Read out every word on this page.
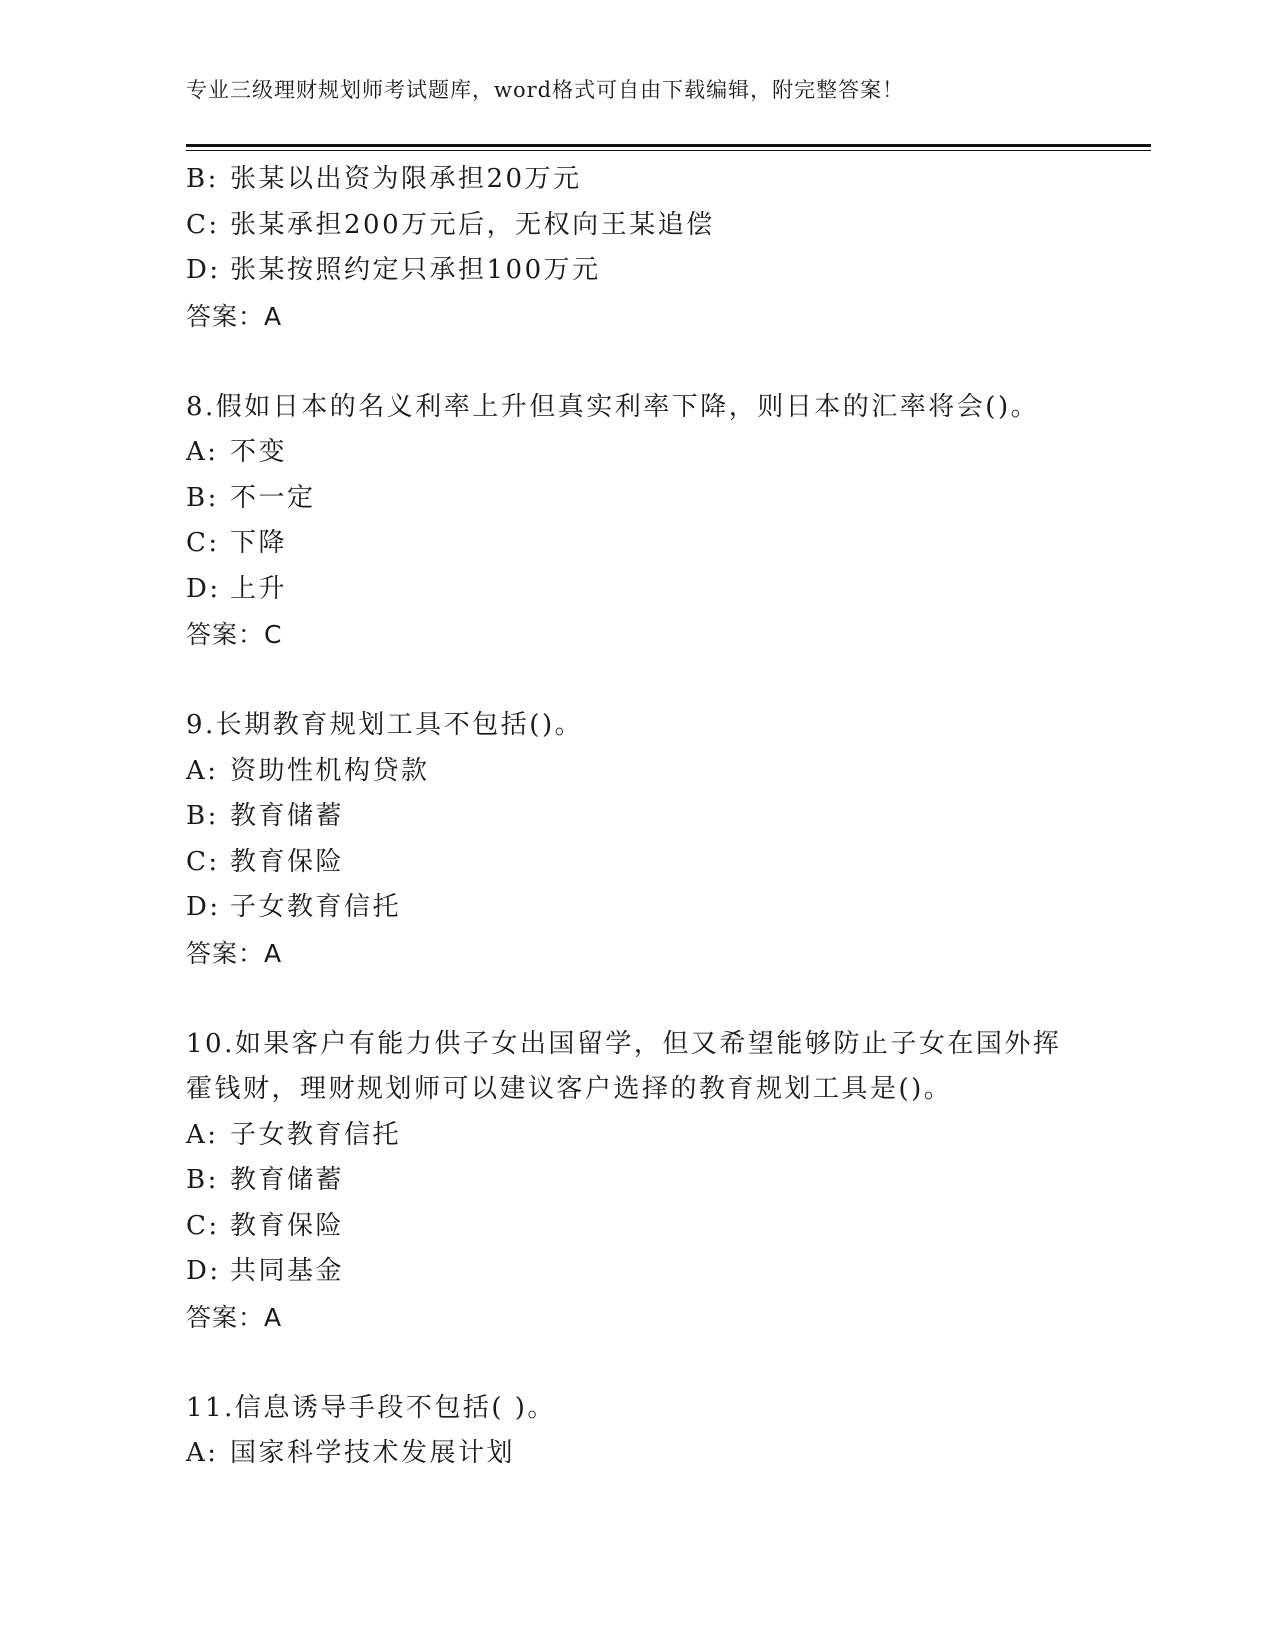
专业三级理财规划师考试题库，word格式可自由下载编辑，附完整答案！
B: 张某以出资为限承担20万元
C: 张某承担200万元后，无权向王某追偿
D: 张某按照约定只承担100万元
答案：A
8.假如日本的名义利率上升但真实利率下降，则日本的汇率将会()。
A: 不变
B: 不一定
C: 下降
D: 上升
答案：C
9.长期教育规划工具不包括()。
A: 资助性机构贷款
B: 教育储蓄
C: 教育保险
D: 子女教育信托
答案：A
10.如果客户有能力供子女出国留学，但又希望能够防止子女在国外挥霍钱财，理财规划师可以建议客户选择的教育规划工具是()。
A: 子女教育信托
B: 教育储蓄
C: 教育保险
D: 共同基金
答案：A
11.信息诱导手段不包括( )。
A: 国家科学技术发展计划
